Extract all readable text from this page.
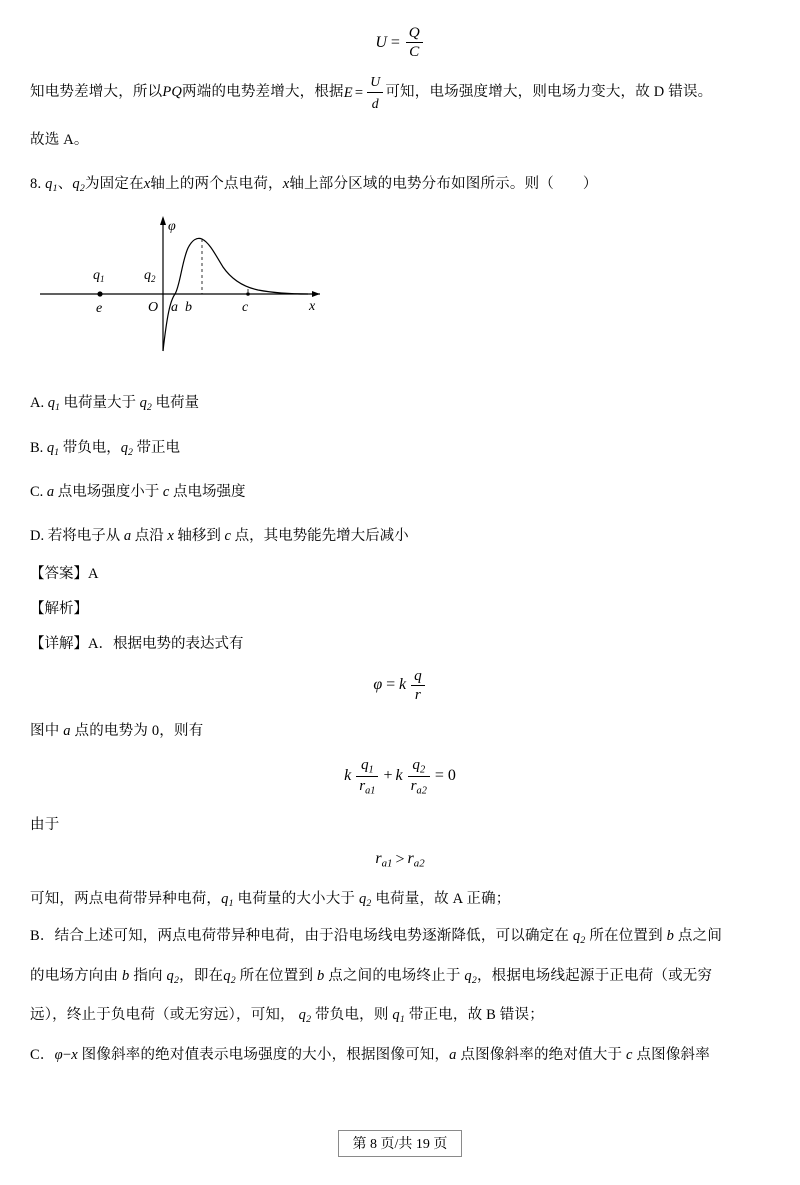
$U = \frac{Q}{C}$

知电势差增大，所以PQ两端的电势差增大，根据 $E = \frac{U}{d}$ 可知，电场强度增大，则电场力变大，故 D 错误。

故选 A。

8. $q_1$、$q_2$为固定在x轴上的两个点电荷，x轴上部分区域的电势分布如图所示。则（ ）

φ
x
O
e	a b	c
$q_1$	$q_2$

A. $q_1$ 电荷量大于 $q_2$ 电荷量

B. $q_1$ 带负电，$q_2$ 带正电

C. a 点电场强度小于 c 点电场强度

D. 若将电子从 a 点沿 x 轴移到 c 点，其电势能先增大后减小

【答案】A

【解析】

【详解】A．根据电势的表达式有

φ = k $\frac{q}{r}$

图中 a 点的电势为 0，则有

k $\frac{q_1}{r_{a1}} + k \frac{q_2}{r_{a2}} = 0$

由于

$r_{a1} > r_{a2}$

可知，两点电荷带异种电荷，$q_1$ 电荷量的大小大于 $q_2$ 电荷量，故 A 正确；

B．结合上述可知，两点电荷带异种电荷，由于沿电场线电势逐渐降低，可以确定在 $q_2$ 所在位置到 b 点之间

的电场方向由 b 指向 $q_2$，即在$q_2$ 所在位置到 b 点之间的电场终止于 $q_2$，根据电场线起源于正电荷（或无穷

远），终止于负电荷（或无穷远），可知， $q_2$ 带负电，则 $q_1$ 带正电，故 B 错误；

C．φ−x 图像斜率的绝对值表示电场强度的大小，根据图像可知，a 点图像斜率的绝对值大于 c 点图像斜率

第 8 页/共 19 页
